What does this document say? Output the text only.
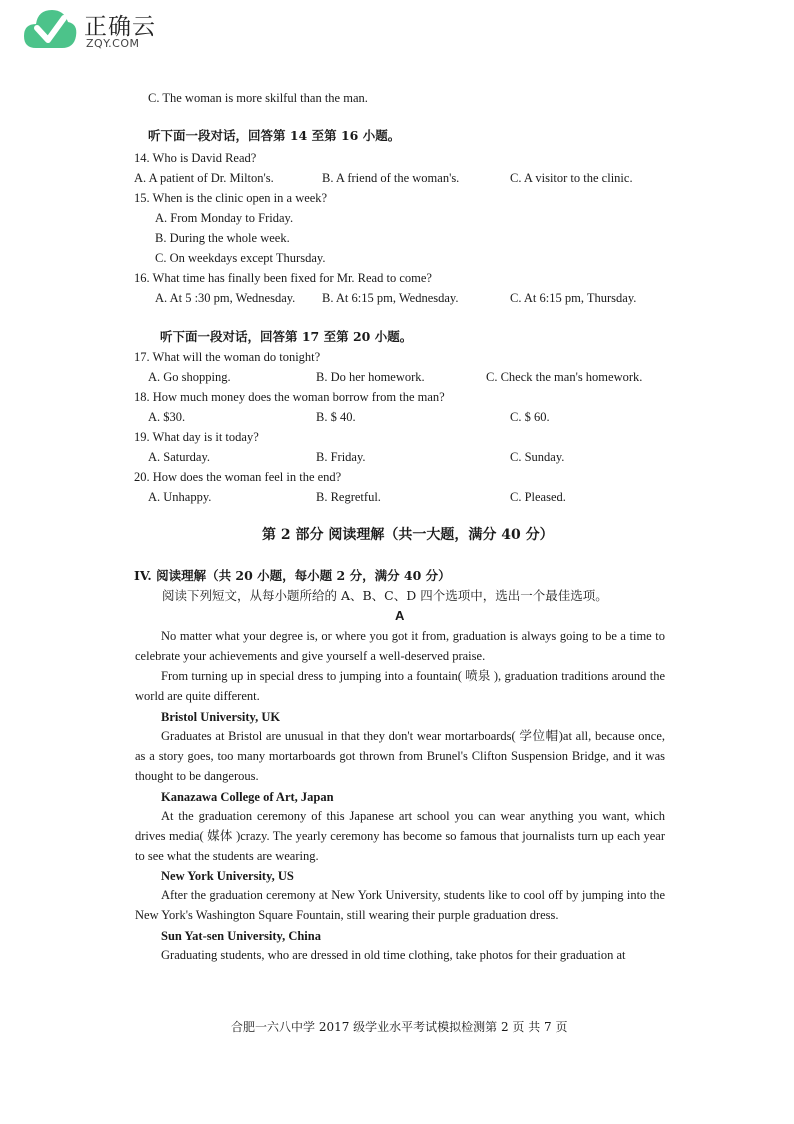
正确云
ZQY.COM
C. The woman is more skilful than the man.
听下面一段对话，回答第 14 至第 16 小题。
14. Who is David Read?
A. A patient of Dr. Milton's.	B. A friend of the woman's.	C. A visitor to the clinic.
15. When is the clinic open in a week?
A. From Monday to Friday.
B. During the whole week.
C. On weekdays except Thursday.
16. What time has finally been fixed for Mr. Read to come?
A. At 5 :30 pm, Wednesday. B. At 6:15 pm, Wednesday.	C. At 6:15 pm, Thursday.
听下面一段对话，回答第 17 至第 20 小题。
17. What will the woman do tonight?
A. Go shopping.	B. Do her homework.	C. Check the man's homework.
18. How much money does the woman borrow from the man?
A. $30.	B. $ 40.	C. $ 60.
19. What day is it today?
A. Saturday.	B. Friday.	C. Sunday.
20. How does the woman feel in the end?
A. Unhappy.	B. Regretful.	C. Pleased.
第 2 部分 阅读理解（共一大题，满分 40 分）
IV. 阅读理解（共 20 小题，每小题 2 分，满分 40 分）
阅读下列短文，从每小题所给的 A、B、C、D 四个选项中，选出一个最佳选项。
A

No matter what your degree is, or where you got it from, graduation is always going to be a time to celebrate your achievements and give yourself a well-deserved praise.

From turning up in special dress to jumping into a fountain( 喷泉 ), graduation traditions around the world are quite different.

Bristol University, UK

Graduates at Bristol are unusual in that they don't wear mortarboards( 学位帽)at all, because once, as a story goes, too many mortarboards got thrown from Brunel's Clifton Suspension Bridge, and it was thought to be dangerous.

Kanazawa College of Art, Japan

At the graduation ceremony of this Japanese art school you can wear anything you want, which drives media( 媒体 )crazy. The yearly ceremony has become so famous that journalists turn up each year to see what the students are wearing.

New York University, US

After the graduation ceremony at New York University, students like to cool off by jumping into the New York's Washington Square Fountain, still wearing their purple graduation dress.

Sun Yat-sen University, China

Graduating students, who are dressed in old time clothing, take photos for their graduation at

合肥一六八中学 2017 级学业水平考试模拟检测第 2 页 共 7 页
